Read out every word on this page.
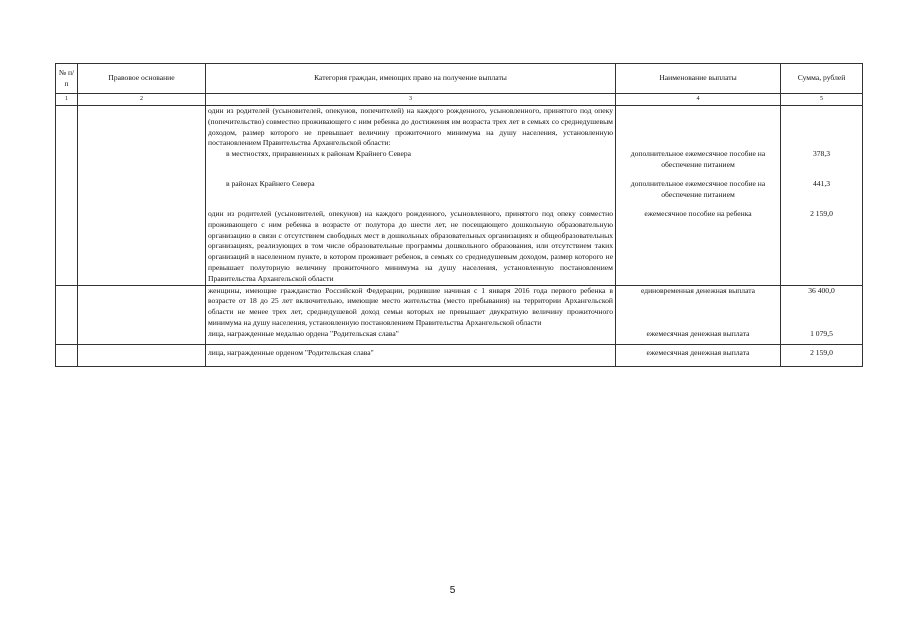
№ п/п	Правовое основание	Категория граждан, имеющих право на получение выплаты	Наименование выплаты	Сумма, рублей
1	2	3	4	5
		один из родителей (усыновителей, опекунов, попечителей) на каждого рожденного, усыновленного, принятого под опеку (попечительство) совместно проживающего с ним ребенка до достижения им возраста трех лет в семьях со среднедушевым доходом, размер которого не превышает величину прожиточного минимума на душу населения, установленную постановлением Правительства Архангельской области:		
		в местностях, приравненных к районам Крайнего Севера	дополнительное ежемесячное пособие на обеспечение питанием	378,3
		в районах Крайнего Севера	дополнительное ежемесячное пособие на обеспечение питанием	441,3
		один из родителей (усыновителей, опекунов) на каждого рожденного, усыновленного, принятого под опеку совместно проживающего с ним ребенка в возрасте от полутора до шести лет, не посещающего дошкольную образовательную организацию в связи с отсутствием свободных мест в дошкольных образовательных организациях и общеобразовательных организациях, реализующих в том числе образовательные программы дошкольного образования, или отсутствием таких организаций в населенном пункте, в котором проживает ребенок, в семьях со среднедушевым доходом, размер которого не превышает полуторную величину прожиточного минимума на душу населения, установленную постановлением Правительства Архангельской области	ежемесячное пособие на ребенка	2 159,0
		женщины, имеющие гражданство Российской Федерации, родившие начиная с 1 января 2016 года первого ребенка в возрасте от 18 до 25 лет включительно, имеющие место жительства (место пребывания) на территории Архангельской области не менее трех лет, среднедушевой доход семьи которых не превышает двукратную величину прожиточного минимума на душу населения, установленную постановлением Правительства Архангельской области	единовременная денежная выплата	36 400,0
		лица, награжденные медалью ордена "Родительская слава"	ежемесячная денежная выплата	1 079,5
		лица, награжденные орденом "Родительская слава"	ежемесячная денежная выплата	2 159,0
5
